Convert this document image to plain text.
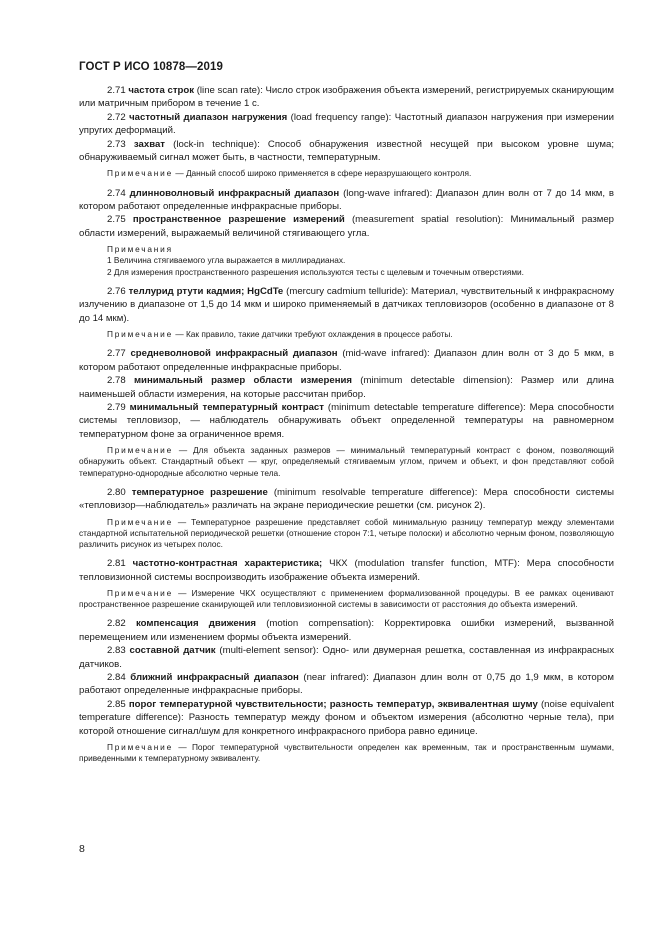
ГОСТ Р ИСО 10878—2019

2.71 частота строк (line scan rate): Число строк изображения объекта измерений, регистрируемых сканирующим или матричным прибором в течение 1 с.

2.72 частотный диапазон нагружения (load frequency range): Частотный диапазон нагружения при измерении упругих деформаций.

2.73 захват (lock-in technique): Способ обнаружения известной несущей при высоком уровне шума; обнаруживаемый сигнал может быть, в частности, температурным.

Примечание — Данный способ широко применяется в сфере неразрушающего контроля.

2.74 длинноволновый инфракрасный диапазон (long-wave infrared): Диапазон длин волн от 7 до 14 мкм, в котором работают определенные инфракрасные приборы.

2.75 пространственное разрешение измерений (measurement spatial resolution): Минимальный размер области измерений, выражаемый величиной стягивающего угла.

Примечания

1 Величина стягиваемого угла выражается в миллирадианах.

2 Для измерения пространственного разрешения используются тесты с щелевым и точечным отверстиями.

2.76 теллурид ртути кадмия; HgCdTe (mercury cadmium telluride): Материал, чувствительный к инфракрасному излучению в диапазоне от 1,5 до 14 мкм и широко применяемый в датчиках тепловизоров (особенно в диапазоне от 8 до 14 мкм).

Примечание — Как правило, такие датчики требуют охлаждения в процессе работы.

2.77 средневолновой инфракрасный диапазон (mid-wave infrared): Диапазон длин волн от 3 до 5 мкм, в котором работают определенные инфракрасные приборы.

2.78 минимальный размер области измерения (minimum detectable dimension): Размер или длина наименьшей области измерения, на которые рассчитан прибор.

2.79 минимальный температурный контраст (minimum detectable temperature difference): Мера способности системы тепловизор, — наблюдатель обнаруживать объект определенной температуры на равномерном температурном фоне за ограниченное время.

Примечание — Для объекта заданных размеров — минимальный температурный контраст с фоном, позволяющий обнаружить объект. Стандартный объект — круг, определяемый стягиваемым углом, причем и объект, и фон представляют собой температурно-однородные абсолютно черные тела.

2.80 температурное разрешение (minimum resolvable temperature difference): Мера способности системы «тепловизор—наблюдатель» различать на экране периодические решетки (см. рисунок 2).

Примечание — Температурное разрешение представляет собой минимальную разницу температур между элементами стандартной испытательной периодической решетки (отношение сторон 7:1, четыре полоски) и абсолютно черным фоном, позволяющую различить рисунок из четырех полос.

2.81 частотно-контрастная характеристика; ЧКХ (modulation transfer function, MTF): Мера способности тепловизионной системы воспроизводить изображение объекта измерений.

Примечание — Измерение ЧКХ осуществляют с применением формализованной процедуры. В ее рамках оценивают пространственное разрешение сканирующей или тепловизионной системы в зависимости от расстояния до объекта измерений.

2.82 компенсация движения (motion compensation): Корректировка ошибки измерений, вызванной перемещением или изменением формы объекта измерений.

2.83 составной датчик (multi-element sensor): Одно- или двумерная решетка, составленная из инфракрасных датчиков.

2.84 ближний инфракрасный диапазон (near infrared): Диапазон длин волн от 0,75 до 1,9 мкм, в котором работают определенные инфракрасные приборы.

2.85 порог температурной чувствительности; разность температур, эквивалентная шуму (noise equivalent temperature difference): Разность температур между фоном и объектом измерения (абсолютно черные тела), при которой отношение сигнал/шум для конкретного инфракрасного прибора равно единице.

Примечание — Порог температурной чувствительности определен как временным, так и пространственным шумами, приведенными к температурному эквиваленту.

8
